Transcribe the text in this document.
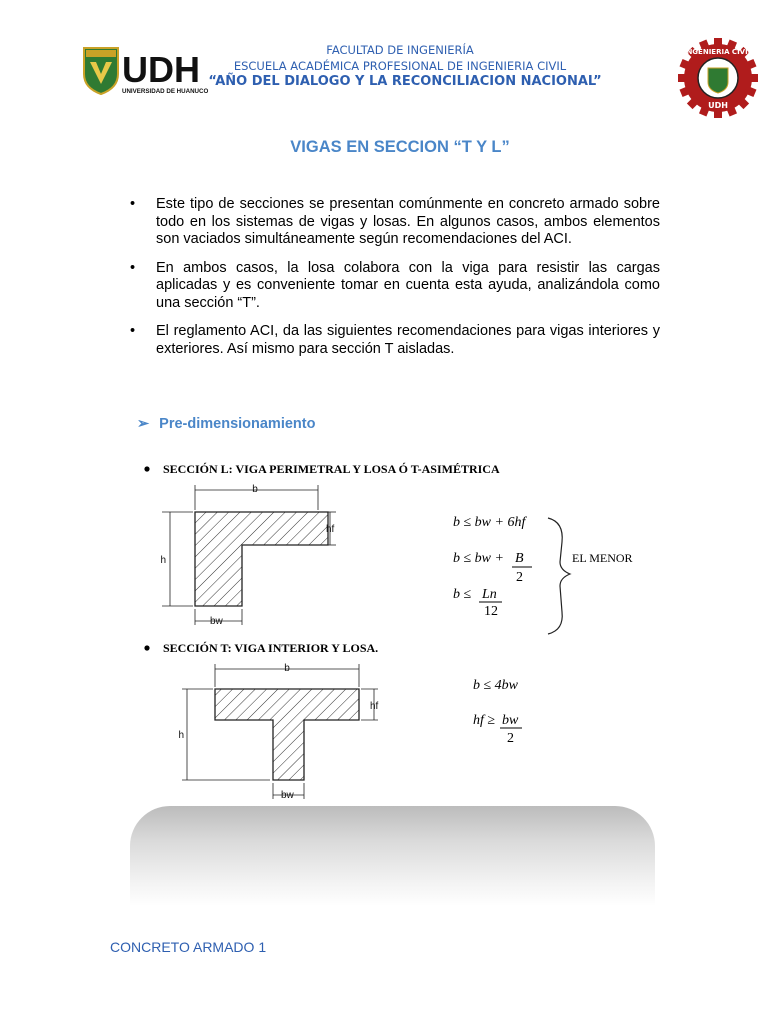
UDH
UNIVERSIDAD DE HUANUCO
FACULTAD DE INGENIERÍA
ESCUELA ACADÉMICA PROFESIONAL DE INGENIERIA CIVIL
“AÑO DEL DIALOGO Y LA RECONCILIACION NACIONAL”
INGENIERIA CIVIL
UDH
VIGAS EN SECCION “T Y L”
• Este tipo de secciones se presentan comúnmente en concreto armado sobre todo en los sistemas de vigas y losas. En algunos casos, ambos elementos son vaciados simultáneamente según recomendaciones del ACI.
• En ambos casos, la losa colabora con la viga para resistir las cargas aplicadas y es conveniente tomar en cuenta esta ayuda, analizándola como una sección “T”.
• El reglamento ACI, da las siguientes recomendaciones para vigas interiores y exteriores. Así mismo para sección T aisladas.
➢ Pre-dimensionamiento
SECCIÓN L: VIGA PERIMETRAL Y LOSA Ó T-ASIMÉTRICA
b
h
hf
bw
b ≤ bw + 6hf
b ≤ bw + B
2
b ≤ Ln
12
EL MENOR
SECCIÓN T: VIGA INTERIOR Y LOSA.
b
h
hf
bw
b ≤ 4bw
hf ≥ bw
2
CONCRETO ARMADO 1
